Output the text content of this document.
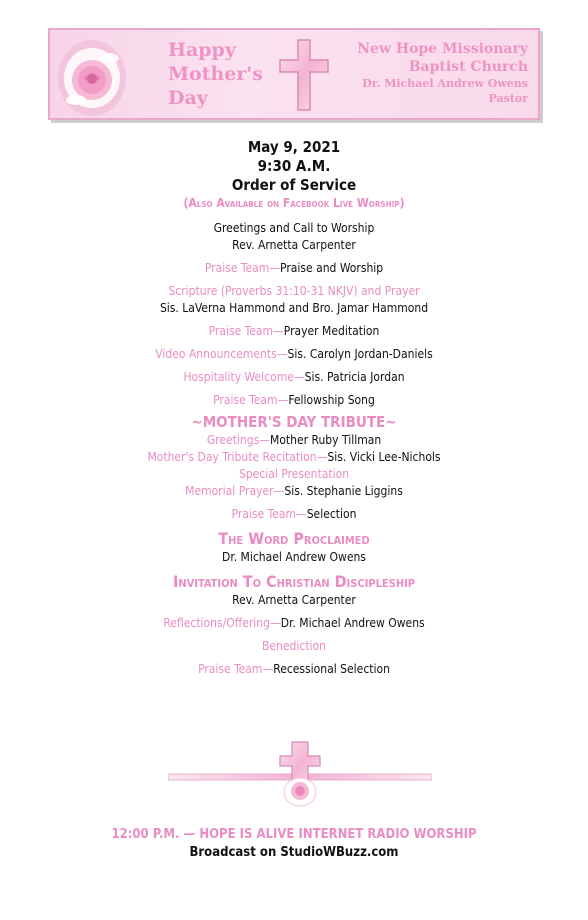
Happy
Mother's
Day
New Hope Missionary
Baptist Church
Dr. Michael Andrew Owens
Pastor
May 9, 2021
9:30 A.M.
Order of Service
(Also Available on Facebook Live Worship)
Greetings and Call to Worship
Rev. Arnetta Carpenter
Praise Team—Praise and Worship
Scripture (Proverbs 31:10-31 NKJV) and Prayer
Sis. LaVerna Hammond and Bro. Jamar Hammond
Praise Team—Prayer Meditation
Video Announcements—Sis. Carolyn Jordan-Daniels
Hospitality Welcome—Sis. Patricia Jordan
Praise Team—Fellowship Song
~MOTHER'S DAY TRIBUTE~
Greetings—Mother Ruby Tillman
Mother's Day Tribute Recitation—Sis. Vicki Lee-Nichols
Special Presentation
Memorial Prayer—Sis. Stephanie Liggins
Praise Team—Selection
The Word Proclaimed
Dr. Michael Andrew Owens
Invitation To Christian Discipleship
Rev. Arnetta Carpenter
Reflections/Offering—Dr. Michael Andrew Owens
Benediction
Praise Team—Recessional Selection
12:00 P.M. — HOPE IS ALIVE INTERNET RADIO WORSHIP
Broadcast on StudioWBuzz.com
